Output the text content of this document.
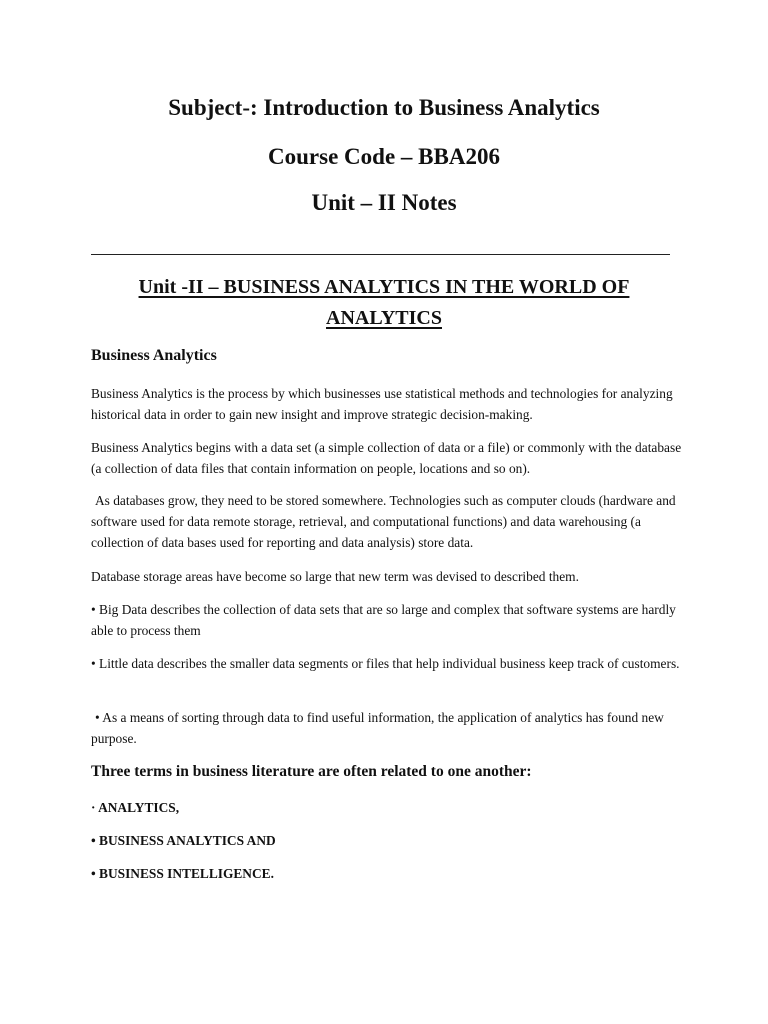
Subject-: Introduction to Business Analytics
Course Code – BBA206
Unit – II Notes
Unit -II – BUSINESS ANALYTICS IN THE WORLD OF ANALYTICS
Business Analytics

Business Analytics is the process by which businesses use statistical methods and technologies for analyzing historical data in order to gain new insight and improve strategic decision-making.

Business Analytics begins with a data set (a simple collection of data or a file) or commonly with the database (a collection of data files that contain information on people, locations and so on).

As databases grow, they need to be stored somewhere. Technologies such as computer clouds (hardware and software used for data remote storage, retrieval, and computational functions) and data warehousing (a collection of data bases used for reporting and data analysis) store data.

Database storage areas have become so large that new term was devised to described them.

• Big Data describes the collection of data sets that are so large and complex that software systems are hardly able to process them

• Little data describes the smaller data segments or files that help individual business keep track of customers.

• As a means of sorting through data to find useful information, the application of analytics has found new purpose.

Three terms in business literature are often related to one another:
· ANALYTICS,
• BUSINESS ANALYTICS AND
• BUSINESS INTELLIGENCE.
